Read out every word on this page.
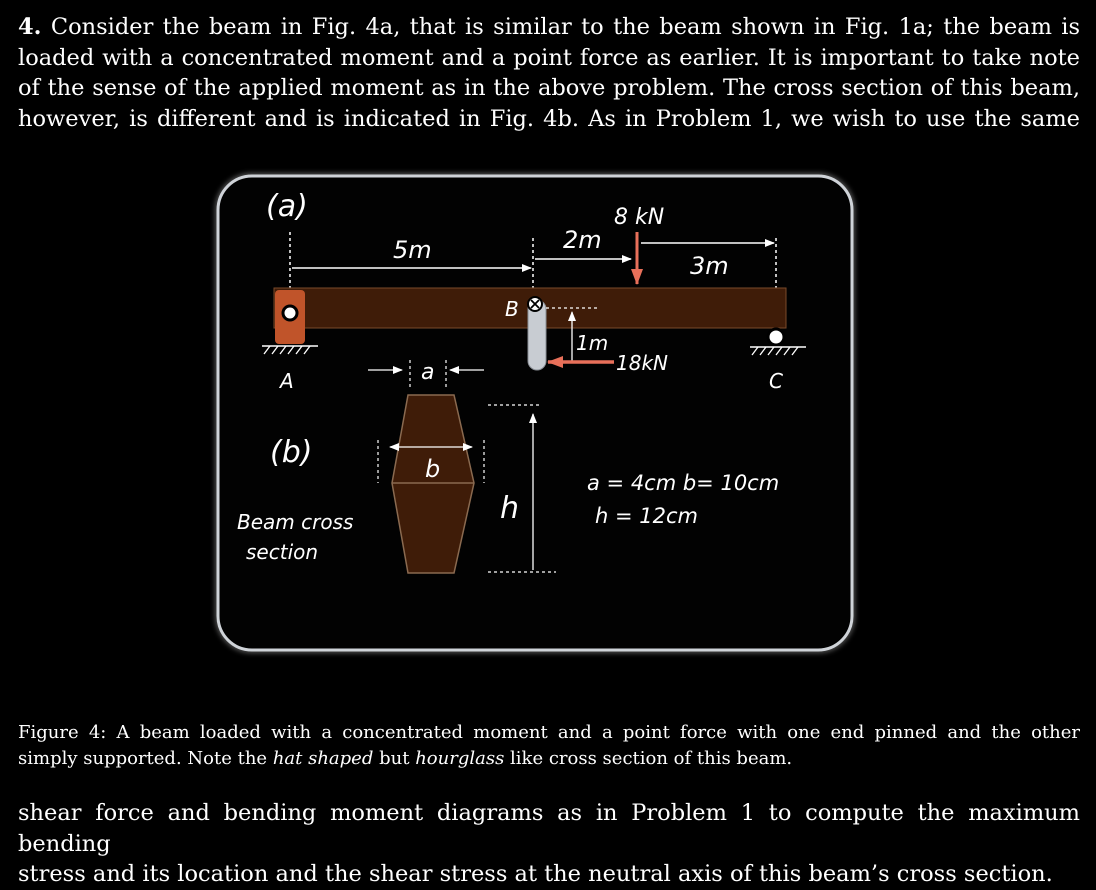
4. Consider the beam in Fig. 4a, that is similar to the beam shown in Fig. 1a; the beam is
loaded with a concentrated moment and a point force as earlier. It is important to take note
of the sense of the applied moment as in the above problem. The cross section of this beam,
however, is different and is indicated in Fig. 4b. As in Problem 1, we wish to use the same
(a)
5m	2m
3m
8 kN
A	C
B
1m
18kN
a
b
h
(b)
Beam cross
section
a = 4cm b= 10cm
h = 12cm
Figure 4: A beam loaded with a concentrated moment and a point force with one end pinned and the other
simply supported. Note the hat shaped but hourglass like cross section of this beam.
shear force and bending moment diagrams as in Problem 1 to compute the maximum bending
stress and its location and the shear stress at the neutral axis of this beam’s cross section.
